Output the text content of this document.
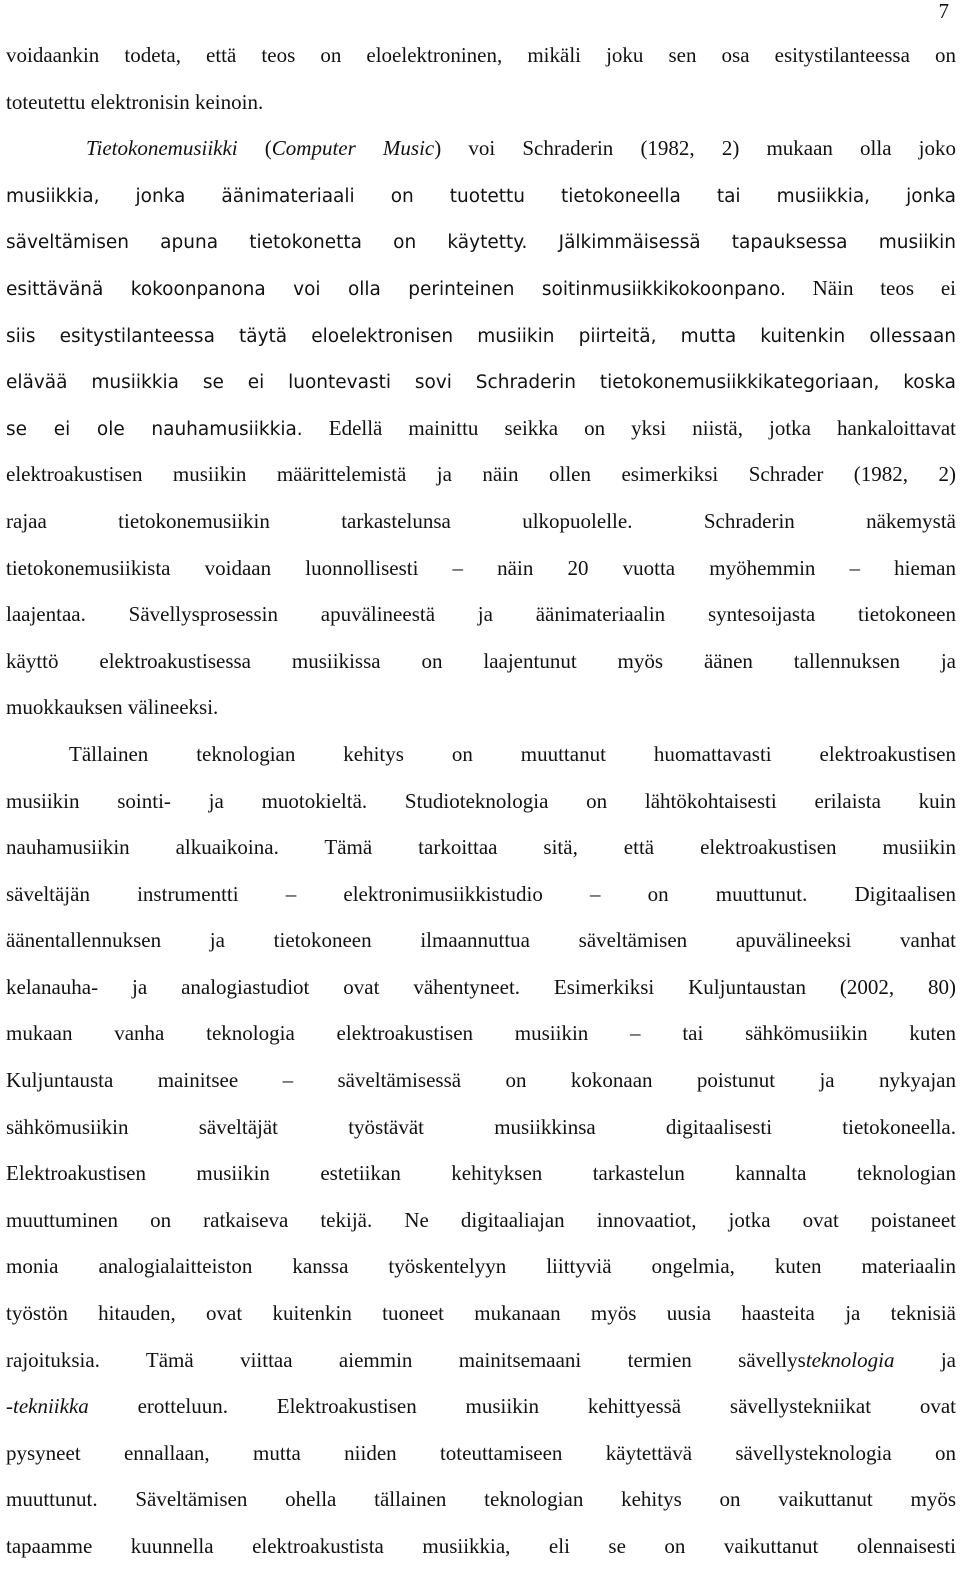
7
voidaankin todeta, että teos on eloelektroninen, mikäli joku sen osa esitystilanteessa on
toteutettu elektronisin keinoin.
Tietokonemusiikki (Computer Music) voi Schraderin (1982, 2) mukaan olla joko
musiikkia, jonka äänimateriaali on tuotettu tietokoneella tai musiikkia, jonka
säveltämisen apuna tietokonetta on käytetty. Jälkimmäisessä tapauksessa musiikin
esittävänä kokoonpanona voi olla perinteinen soitinmusiikkikokoonpano. Näin teos ei
siis esitystilanteessa täytä eloelektronisen musiikin piirteitä, mutta kuitenkin ollessaan
elävää musiikkia se ei luontevasti sovi Schraderin tietokonemusiikkikategoriaan, koska
se ei ole nauhamusiikkia. Edellä mainittu seikka on yksi niistä, jotka hankaloittavat
elektroakustisen musiikin määrittelemistä ja näin ollen esimerkiksi Schrader (1982, 2)
rajaa tietokonemusiikin tarkastelunsa ulkopuolelle. Schraderin näkemystä
tietokonemusiikista voidaan luonnollisesti – näin 20 vuotta myöhemmin – hieman
laajentaa. Sävellysprosessin apuvälineestä ja äänimateriaalin syntesoijasta tietokoneen
käyttö elektroakustisessa musiikissa on laajentunut myös äänen tallennuksen ja
muokkauksen välineeksi.
Tällainen teknologian kehitys on muuttanut huomattavasti elektroakustisen
musiikin sointi- ja muotokieltä. Studioteknologia on lähtökohtaisesti erilaista kuin
nauhamusiikin alkuaikoina. Tämä tarkoittaa sitä, että elektroakustisen musiikin
säveltäjän instrumentti – elektronimusiikkistudio – on muuttunut. Digitaalisen
äänentallennuksen ja tietokoneen ilmaannuttua säveltämisen apuvälineeksi vanhat
kelanauha- ja analogiastudiot ovat vähentyneet. Esimerkiksi Kuljuntaustan (2002, 80)
mukaan vanha teknologia elektroakustisen musiikin – tai sähkömusiikin kuten
Kuljuntausta mainitsee – säveltämisessä on kokonaan poistunut ja nykyajan
sähkömusiikin säveltäjät työstävät musiikkinsa digitaalisesti tietokoneella.
Elektroakustisen musiikin estetiikan kehityksen tarkastelun kannalta teknologian
muuttuminen on ratkaiseva tekijä. Ne digitaaliajan innovaatiot, jotka ovat poistaneet
monia analogialaitteiston kanssa työskentelyyn liittyviä ongelmia, kuten materiaalin
työstön hitauden, ovat kuitenkin tuoneet mukanaan myös uusia haasteita ja teknisiä
rajoituksia. Tämä viittaa aiemmin mainitsemaani termien sävellysteknologia ja
-tekniikka erotteluun. Elektroakustisen musiikin kehittyessä sävellystekniikat ovat
pysyneet ennallaan, mutta niiden toteuttamiseen käytettävä sävellysteknologia on
muuttunut. Säveltämisen ohella tällainen teknologian kehitys on vaikuttanut myös
tapaamme kuunnella elektroakustista musiikkia, eli se on vaikuttanut olennaisesti
